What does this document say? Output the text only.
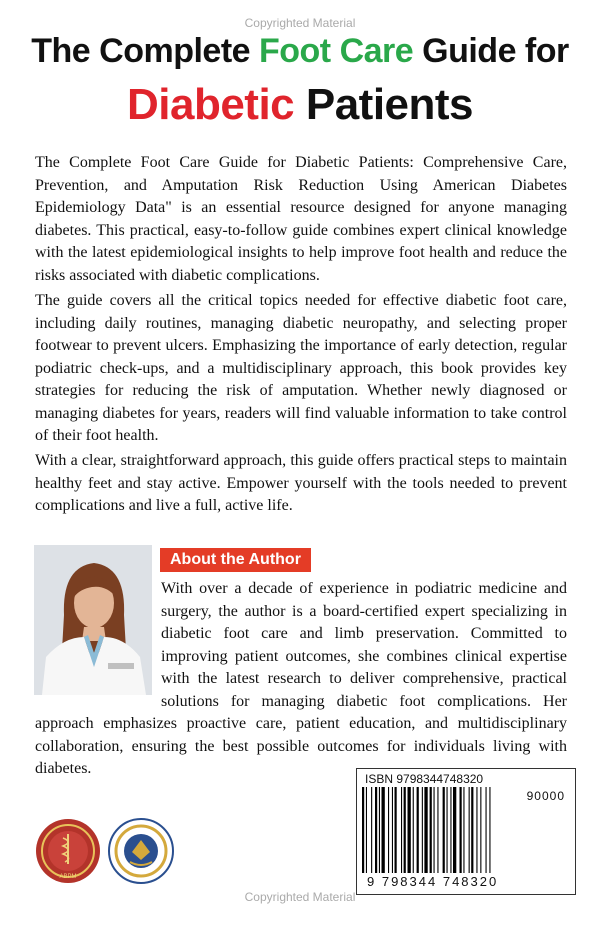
Copyrighted Material
The Complete Foot Care Guide for
Diabetic Patients
The Complete Foot Care Guide for Diabetic Patients: Comprehensive Care, Prevention, and Amputation Risk Reduction Using American Diabetes Epidemiology Data" is an essential resource designed for anyone managing diabetes. This practical, easy-to-follow guide combines expert clinical knowledge with the latest epidemiological insights to help improve foot health and reduce the risks associated with diabetic complications.
The guide covers all the critical topics needed for effective diabetic foot care, including daily routines, managing diabetic neuropathy, and selecting proper footwear to prevent ulcers. Emphasizing the importance of early detection, regular podiatric check-ups, and a multidisciplinary approach, this book provides key strategies for reducing the risk of amputation. Whether newly diagnosed or managing diabetes for years, readers will find valuable information to take control of their foot health.
With a clear, straightforward approach, this guide offers practical steps to maintain healthy feet and stay active. Empower yourself with the tools needed to prevent complications and live a full, active life.
About the Author
With over a decade of experience in podiatric medicine and surgery, the author is a board-certified expert specializing in diabetic foot care and limb preservation. Committed to improving patient outcomes, she combines clinical expertise with the latest research to deliver comprehensive, practical solutions for managing diabetic foot complications. Her approach emphasizes proactive care, patient education, and multidisciplinary collaboration, ensuring the best possible outcomes for individuals living with diabetes.
ABPM
ISBN 9798344748320
90000
9 798344 748320
Copyrighted Material
